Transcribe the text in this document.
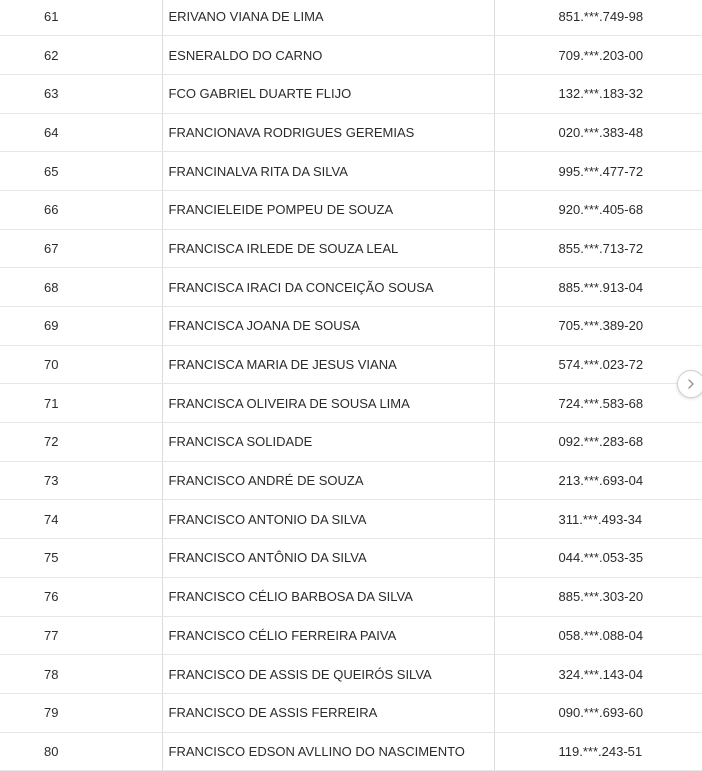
61	ERIVANO VIANA DE LIMA	851.***.749-98
62	ESNERALDO DO CARNO	709.***.203-00
63	FCO GABRIEL DUARTE FLIJO	132.***.183-32
64	FRANCIONAVA RODRIGUES GEREMIAS	020.***.383-48
65	FRANCINALVA RITA DA SILVA	995.***.477-72
66	FRANCIELEIDE POMPEU DE SOUZA	920.***.405-68
67	FRANCISCA IRLEDE DE SOUZA LEAL	855.***.713-72
68	FRANCISCA IRACI DA CONCEIÇÃO SOUSA	885.***.913-04
69	FRANCISCA JOANA DE SOUSA	705.***.389-20
70	FRANCISCA MARIA DE JESUS VIANA	574.***.023-72
71	FRANCISCA OLIVEIRA DE SOUSA LIMA	724.***.583-68
72	FRANCISCA SOLIDADE	092.***.283-68
73	FRANCISCO ANDRÉ DE SOUZA	213.***.693-04
74	FRANCISCO ANTONIO DA SILVA	311.***.493-34
75	FRANCISCO ANTÔNIO DA SILVA	044.***.053-35
76	FRANCISCO CÉLIO BARBOSA DA SILVA	885.***.303-20
77	FRANCISCO CÉLIO FERREIRA PAIVA	058.***.088-04
78	FRANCISCO DE ASSIS DE QUEIRÓS SILVA	324.***.143-04
79	FRANCISCO DE ASSIS FERREIRA	090.***.693-60
80	FRANCISCO EDSON AVLLINO DO NASCIMENTO	119.***.243-51
